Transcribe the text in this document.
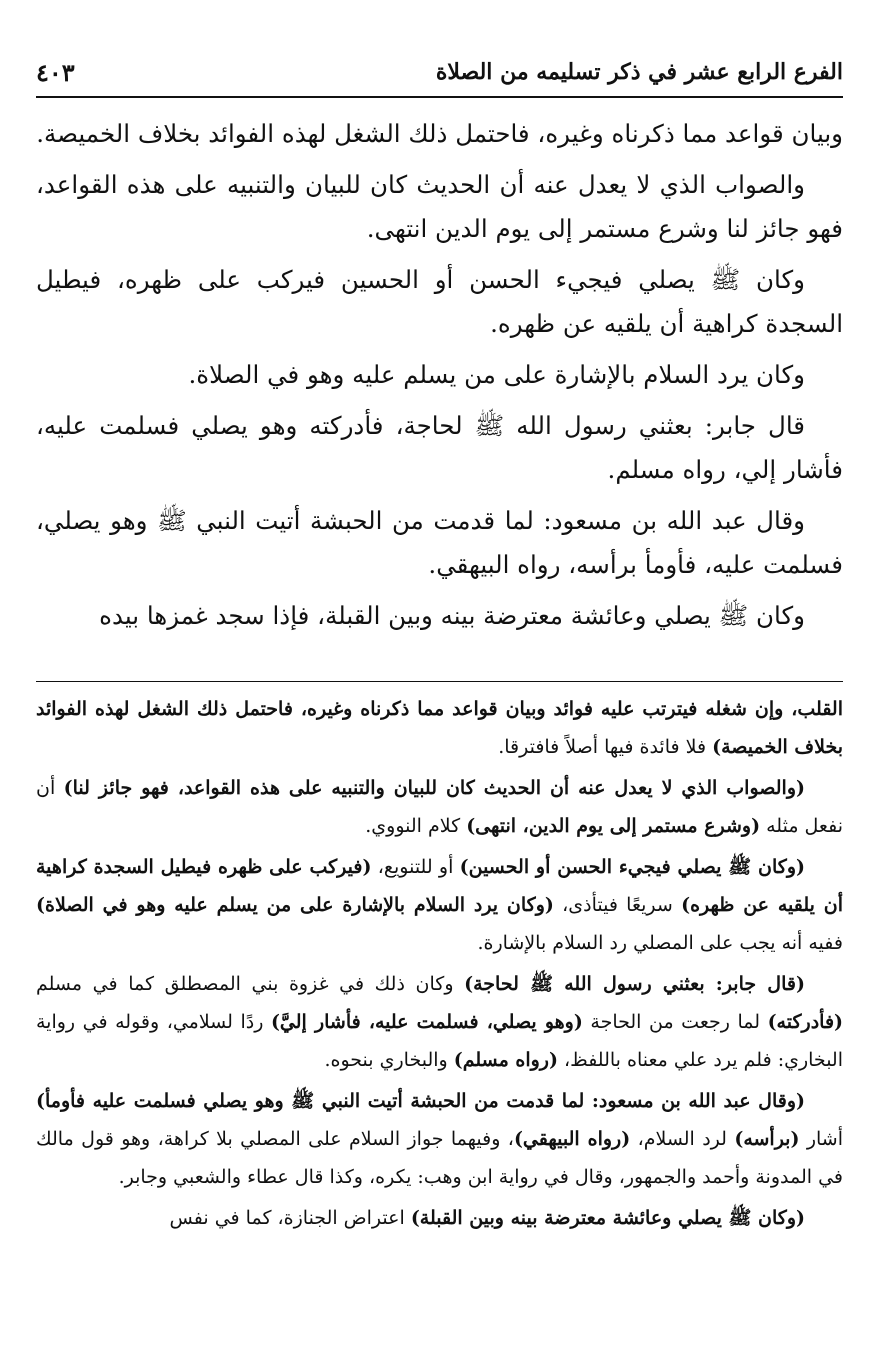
الفرع الرابع عشر في ذكر تسليمه من الصلاة
٤٠٣

وبيان قواعد مما ذكرناه وغيره، فاحتمل ذلك الشغل لهذه الفوائد بخلاف الخميصة.

والصواب الذي لا يعدل عنه أن الحديث كان للبيان والتنبيه على هذه القواعد، فهو جائز لنا وشرع مستمر إلى يوم الدين انتهى.

وكان ﷺ يصلي فيجيء الحسن أو الحسين فيركب على ظهره، فيطيل السجدة كراهية أن يلقيه عن ظهره.

وكان يرد السلام بالإشارة على من يسلم عليه وهو في الصلاة.

قال جابر: بعثني رسول الله ﷺ لحاجة، فأدركته وهو يصلي فسلمت عليه، فأشار إلي، رواه مسلم.

وقال عبد الله بن مسعود: لما قدمت من الحبشة أتيت النبي ﷺ وهو يصلي، فسلمت عليه، فأومأ برأسه، رواه البيهقي.

وكان ﷺ يصلي وعائشة معترضة بينه وبين القبلة، فإذا سجد غمزها بيده

القلب، وإن شغله فيترتب عليه فوائد وبيان قواعد مما ذكرناه وغيره، فاحتمل ذلك الشغل لهذه الفوائد بخلاف الخميصة) فلا فائدة فيها أصلاً فافترقا.

(والصواب الذي لا يعدل عنه أن الحديث كان للبيان والتنبيه على هذه القواعد، فهو جائز لنا) أن نفعل مثله (وشرع مستمر إلى يوم الدين، انتهى) كلام النووي.

(وكان ﷺ يصلي فيجيء الحسن أو الحسين) أو للتنويع، (فيركب على ظهره فيطيل السجدة كراهية أن يلقيه عن ظهره) سريعًا فيتأذى، (وكان يرد السلام بالإشارة على من يسلم عليه وهو في الصلاة) ففيه أنه يجب على المصلي رد السلام بالإشارة.

(قال جابر: بعثني رسول الله ﷺ لحاجة) وكان ذلك في غزوة بني المصطلق كما في مسلم (فأدركته) لما رجعت من الحاجة (وهو يصلي، فسلمت عليه، فأشار إليَّ) ردًا لسلامي، وقوله في رواية البخاري: فلم يرد علي معناه باللفظ، (رواه مسلم) والبخاري بنحوه.

(وقال عبد الله بن مسعود: لما قدمت من الحبشة أتيت النبي ﷺ وهو يصلي فسلمت عليه فأومأ) أشار (برأسه) لرد السلام، (رواه البيهقي)، وفيهما جواز السلام على المصلي بلا كراهة، وهو قول مالك في المدونة وأحمد والجمهور، وقال في رواية ابن وهب: يكره، وكذا قال عطاء والشعبي وجابر.

(وكان ﷺ يصلي وعائشة معترضة بينه وبين القبلة) اعتراض الجنازة، كما في نفس
